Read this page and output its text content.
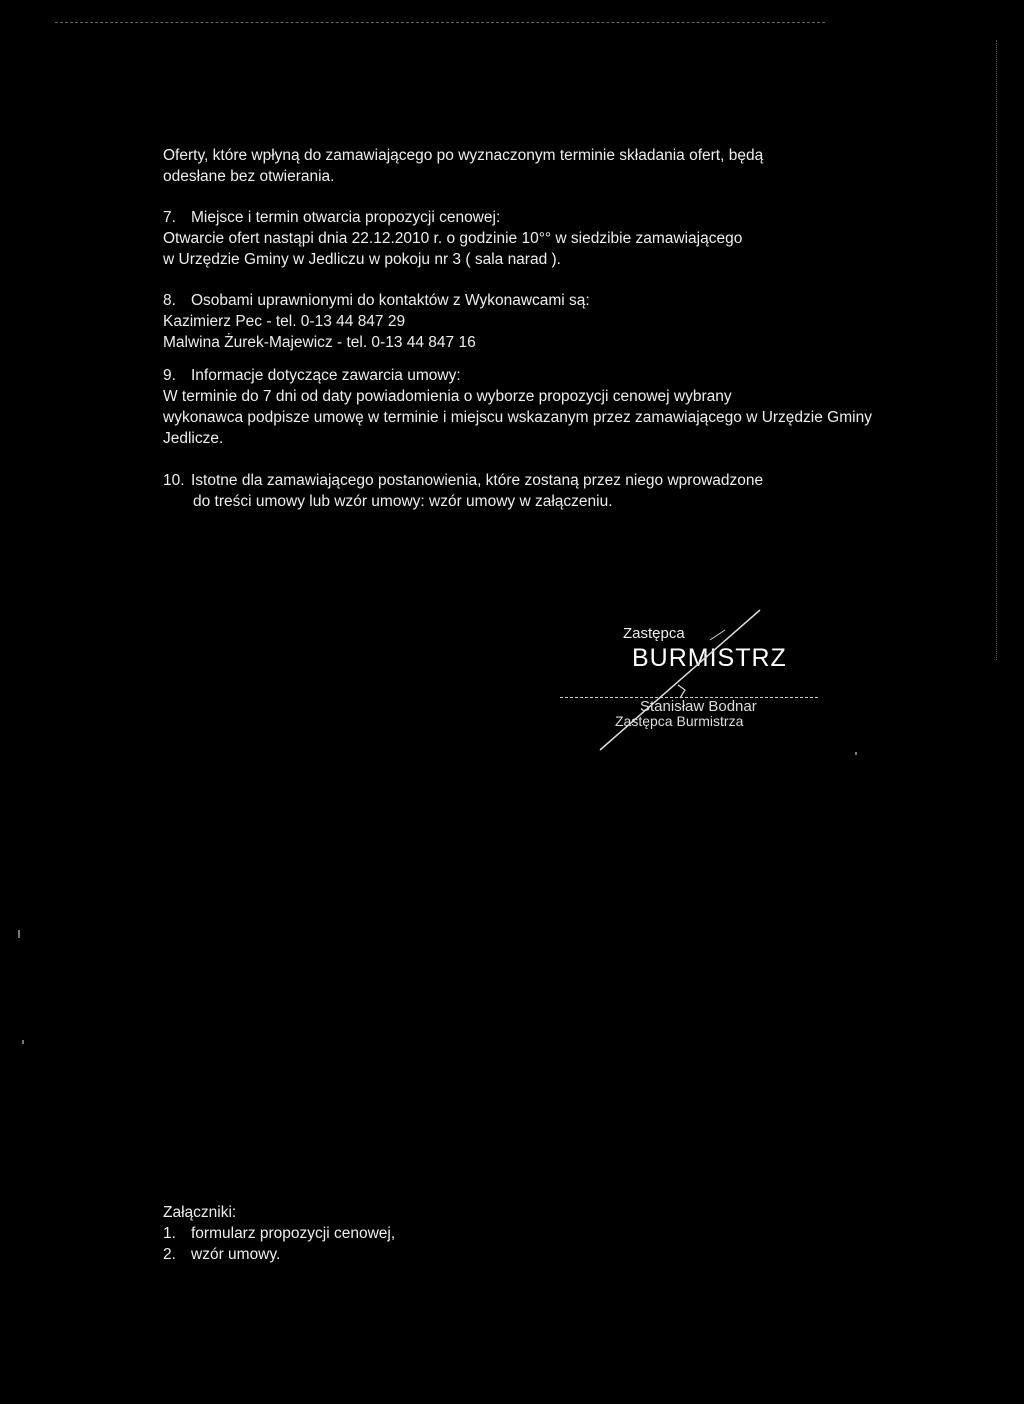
Oferty, które wpłyną do zamawiającego po wyznaczonym terminie składania ofert, będą
odesłane bez otwierania.
7. Miejsce i termin otwarcia propozycji cenowej:
Otwarcie ofert nastąpi dnia 22.12.2010 r. o godzinie 10°° w siedzibie zamawiającego
w Urzędzie Gminy w Jedliczu w pokoju nr 3 ( sala narad ).
8. Osobami uprawnionymi do kontaktów z Wykonawcami są:
Kazimierz Pec - tel. 0-13 44 847 29
Malwina Żurek-Majewicz - tel. 0-13 44 847 16
9. Informacje dotyczące zawarcia umowy:
W terminie do 7 dni od daty powiadomienia o wyborze propozycji cenowej wybrany
wykonawca podpisze umowę w terminie i miejscu wskazanym przez zamawiającego w Urzędzie Gminy
Jedlicze.
10. Istotne dla zamawiającego postanowienia, które zostaną przez niego wprowadzone
do treści umowy lub wzór umowy: wzór umowy w załączeniu.
Zastępca
BURMISTRZ
Stanisław Bodnar
Zastępca Burmistrza
Załączniki:
1. formularz propozycji cenowej,
2. wzór umowy.
